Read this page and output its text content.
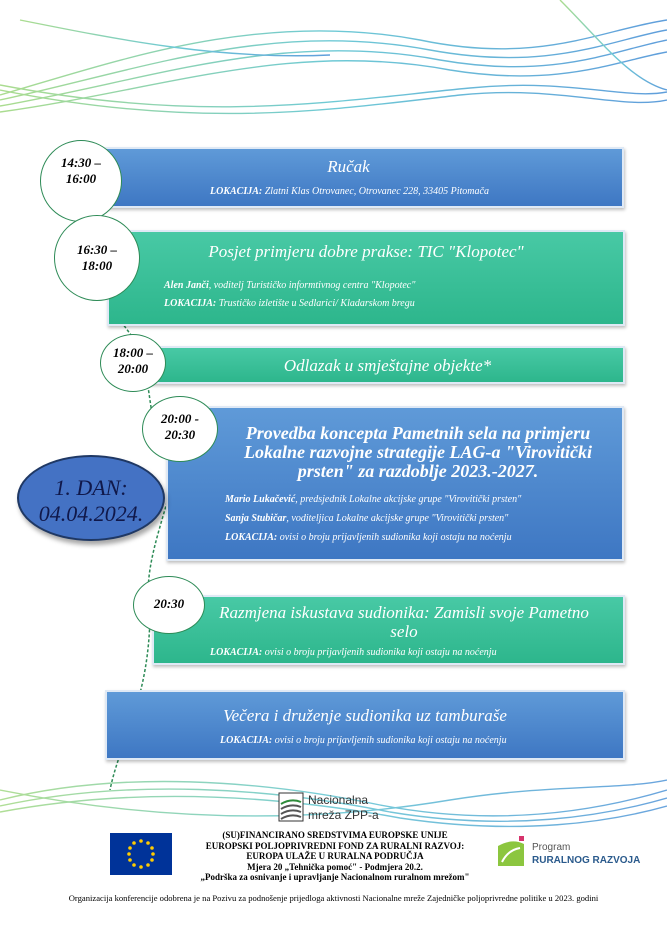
Ručak
LOKACIJA: Zlatni Klas Otrovanec, Otrovanec 228, 33405 Pitomača
14:30 –
16:00
Posjet primjeru dobre prakse: TIC "Klopotec"
Alen Janči, voditelj Turističko informtivnog centra "Klopotec"
LOKACIJA: Trustičko izletište u Sedlarici/ Kladarskom bregu
16:30 –
18:00
Odlazak u smještajne objekte*
18:00 –
20:00
Provedba koncepta Pametnih sela na primjeru Lokalne razvojne strategije LAG-a "Virovitički prsten" za razdoblje 2023.-2027.
Mario Lukačević, predsjednik Lokalne akcijske grupe "Virovitički prsten"
Sanja Stubičar, voditeljica Lokalne akcijske grupe "Virovitički prsten"
LOKACIJA: ovisi o broju prijavljenih sudionika koji ostaju na noćenju
20:00 -
20:30
1. DAN:
04.04.2024.
Razmjena iskustava sudionika: Zamisli svoje Pametno selo
LOKACIJA: ovisi o broju prijavljenih sudionika koji ostaju na noćenju
20:30
Večera i druženje sudionika uz tamburaše
LOKACIJA: ovisi o broju prijavljenih sudionika koji ostaju na noćenju
Nacionalna
mreža ZPP-a
(SU)FINANCIRANO SREDSTVIMA EUROPSKE UNIJE
EUROPSKI POLJOPRIVREDNI FOND ZA RURALNI RAZVOJ:
EUROPA ULAŽE U RURALNA PODRUČJA
Mjera 20 „Tehnička pomoć" - Podmjera 20.2.
„Podrška za osnivanje i upravljanje Nacionalnom ruralnom mrežom"
Program
RURALNOG RAZVOJA
Organizacija konferencije odobrena je na Pozivu za podnošenje prijedloga aktivnosti Nacionalne mreže Zajedničke poljoprivredne politike u 2023. godini
